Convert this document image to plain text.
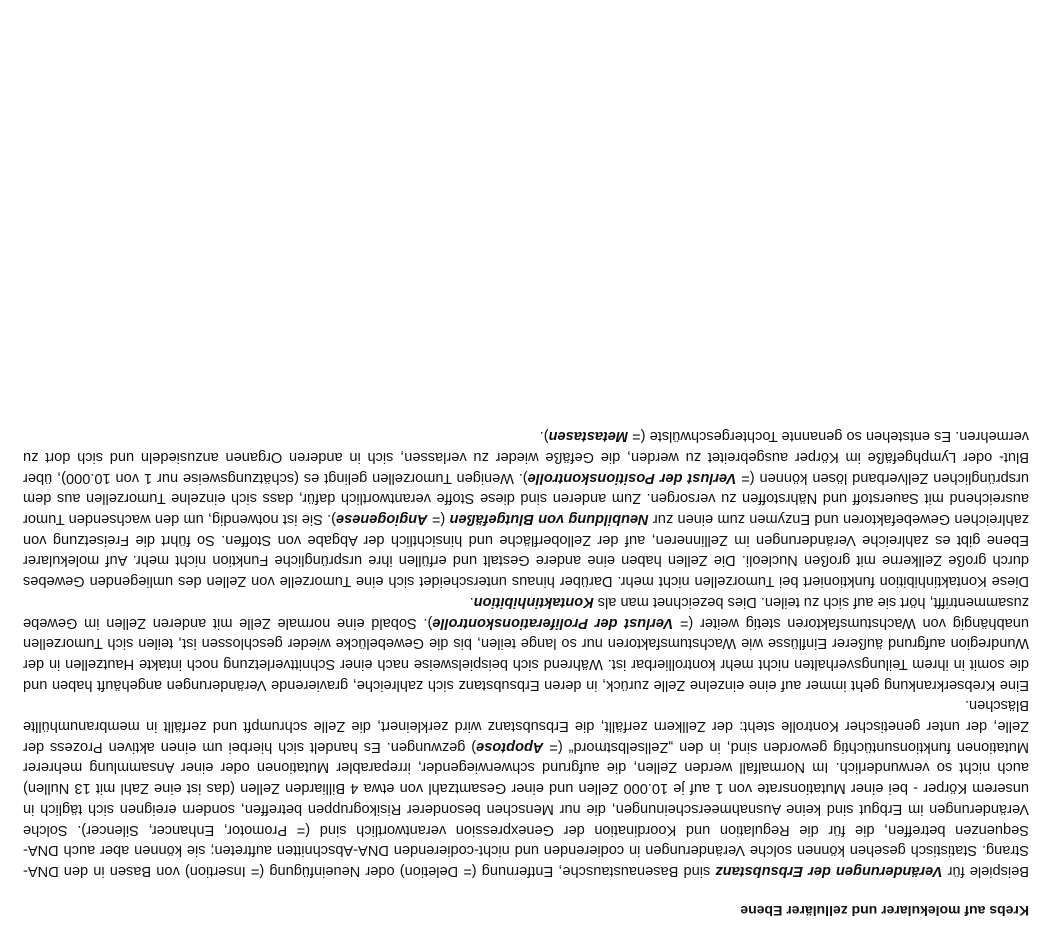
Krebs auf molekularer und zellulärer Ebene

Beispiele für Veränderungen der Erbsubstanz sind Basenaustausche, Entfernung (= Deletion) oder Neueinfügung (= Insertion) von Basen in den DNA-Strang. Statistisch gesehen können solche Veränderungen in codierenden und nicht-codierenden DNA-Abschnitten auftreten; sie können aber auch DNA-Sequenzen betreffen, die für die Regulation und Koordination der Genexpression verantwortlich sind (= Promotor, Enhancer, Silencer). Solche Veränderungen im Erbgut sind keine Ausnahmeerscheinungen, die nur Menschen besonderer Risikogruppen betreffen, sondern ereignen sich täglich in unserem Körper - bei einer Mutationsrate von 1 auf je 10.000 Zellen und einer Gesamtzahl von etwa 4 Billiarden Zellen (das ist eine Zahl mit 13 Nullen) auch nicht so verwunderlich. Im Normalfall werden Zellen, die aufgrund schwerwiegender, irreparabler Mutationen oder einer Ansammlung mehrerer Mutationen funktionsuntüchtig geworden sind, in den „Zellselbstmord“ (= Apoptose) gezwungen. Es handelt sich hierbei um einen aktiven Prozess der Zelle, der unter genetischer Kontrolle steht: der Zellkern zerfällt, die Erbsubstanz wird zerkleinert, die Zelle schrumpft und zerfällt in membranumhüllte Bläschen.

Eine Krebserkrankung geht immer auf eine einzelne Zelle zurück, in deren Erbsubstanz sich zahlreiche, gravierende Veränderungen angehäuft haben und die somit in ihrem Teilungsverhalten nicht mehr kontrollierbar ist. Während sich beispielsweise nach einer Schnittverletzung noch intakte Hautzellen in der Wundregion aufgrund äußerer Einflüsse wie Wachstumsfaktoren nur so lange teilen, bis die Gewebelücke wieder geschlossen ist, teilen sich Tumorzellen unabhängig von Wachstumsfaktoren stetig weiter (= Verlust der Proliferationskontrolle). Sobald eine normale Zelle mit anderen Zellen im Gewebe zusammentrifft, hört sie auf sich zu teilen. Dies bezeichnet man als Kontaktinhibition.

Diese Kontaktinhibition funktioniert bei Tumorzellen nicht mehr. Darüber hinaus unterscheidet sich eine Tumorzelle von Zellen des umliegenden Gewebes durch große Zellkerne mit großen Nucleoli. Die Zellen haben eine andere Gestalt und erfüllen ihre ursprüngliche Funktion nicht mehr. Auf molekularer Ebene gibt es zahlreiche Veränderungen im Zellinneren, auf der Zelloberfläche und hinsichtlich der Abgabe von Stoffen. So führt die Freisetzung von zahlreichen Gewebefaktoren und Enzymen zum einen zur Neubildung von Blutgefäßen (= Angiogenese). Sie ist notwendig, um den wachsenden Tumor ausreichend mit Sauerstoff und Nährstoffen zu versorgen. Zum anderen sind diese Stoffe verantwortlich dafür, dass sich einzelne Tumorzellen aus dem ursprünglichen Zellverband lösen können (= Verlust der Positionskontrolle). Wenigen Tumorzellen gelingt es (schätzungsweise nur 1 von 10.000), über Blut- oder Lymphgefäße im Körper ausgebreitet zu werden, die Gefäße wieder zu verlassen, sich in anderen Organen anzusiedeln und sich dort zu vermehren. Es entstehen so genannte Tochtergeschwülste (= Metastasen).
